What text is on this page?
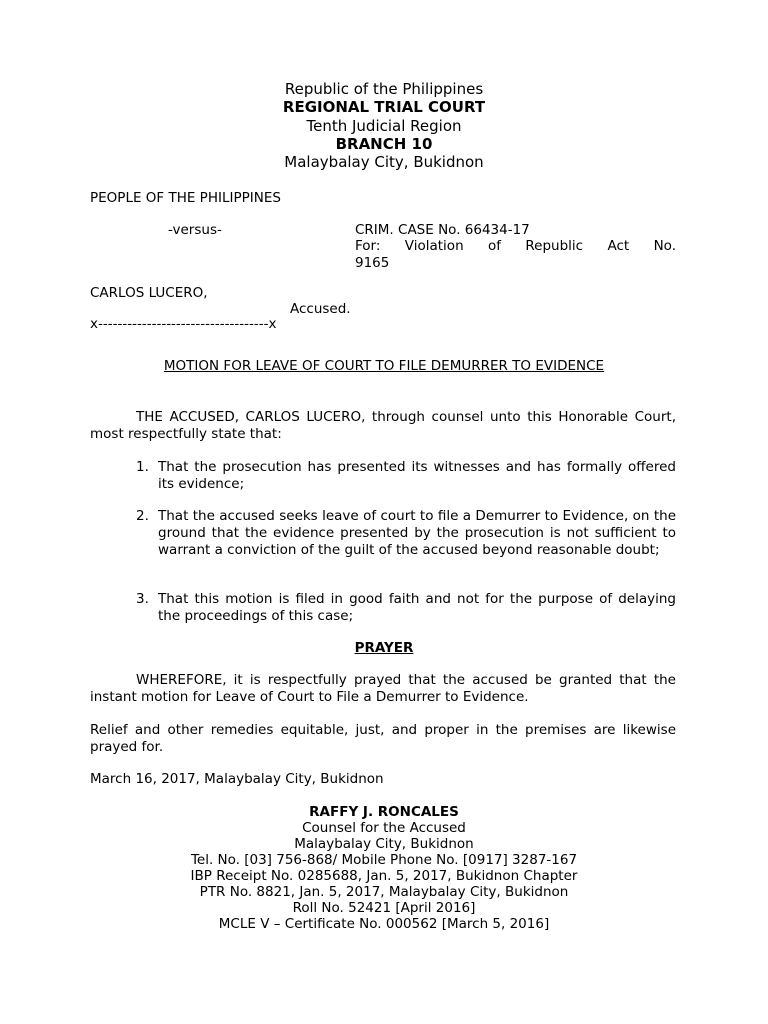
Republic of the Philippines
REGIONAL TRIAL COURT
Tenth Judicial Region
BRANCH 10
Malaybalay City, Bukidnon
PEOPLE OF THE PHILIPPINES
-versus-	CRIM. CASE No. 66434-17
For: Violation of Republic Act No.
9165
CARLOS LUCERO,
Accused.
x-----------------------------------x
MOTION FOR LEAVE OF COURT TO FILE DEMURRER TO EVIDENCE
THE ACCUSED, CARLOS LUCERO, through counsel unto this Honorable Court, most respectfully state that:
1. That the prosecution has presented its witnesses and has formally offered its evidence;
2. That the accused seeks leave of court to file a Demurrer to Evidence, on the ground that the evidence presented by the prosecution is not sufficient to warrant a conviction of the guilt of the accused beyond reasonable doubt;
3. That this motion is filed in good faith and not for the purpose of delaying the proceedings of this case;
PRAYER
WHEREFORE, it is respectfully prayed that the accused be granted that the instant motion for Leave of Court to File a Demurrer to Evidence.
Relief and other remedies equitable, just, and proper in the premises are likewise prayed for.
March 16, 2017, Malaybalay City, Bukidnon
RAFFY J. RONCALES
Counsel for the Accused
Malaybalay City, Bukidnon
Tel. No. [03] 756-868/ Mobile Phone No. [0917] 3287-167
IBP Receipt No. 0285688, Jan. 5, 2017, Bukidnon Chapter
PTR No. 8821, Jan. 5, 2017, Malaybalay City, Bukidnon
Roll No. 52421 [April 2016]
MCLE V – Certificate No. 000562 [March 5, 2016]
